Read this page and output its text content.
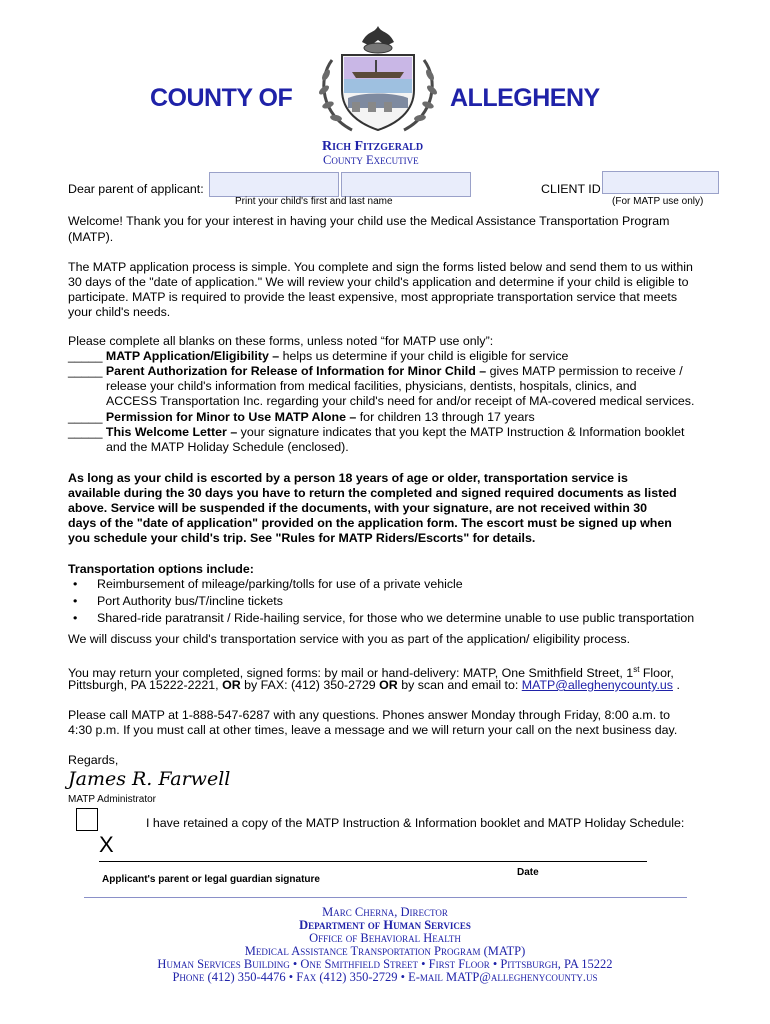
COUNTY OF	ALLEGHENY
Rich Fitzgerald
County Executive
Dear parent of applicant:
Print your child's first and last name
CLIENT ID
(For MATP use only)
Welcome! Thank you for your interest in having your child use the Medical Assistance Transportation Program
(MATP).
The MATP application process is simple. You complete and sign the forms listed below and send them to us within
30 days of the "date of application." We will review your child's application and determine if your child is eligible to
participate. MATP is required to provide the least expensive, most appropriate transportation service that meets
your child's needs.
Please complete all blanks on these forms, unless noted “for MATP use only”:
_____ MATP Application/Eligibility – helps us determine if your child is eligible for service
_____ Parent Authorization for Release of Information for Minor Child – gives MATP permission to receive /
release your child's information from medical facilities, physicians, dentists, hospitals, clinics, and
ACCESS Transportation Inc. regarding your child's need for and/or receipt of MA-covered medical services.
_____ Permission for Minor to Use MATP Alone – for children 13 through 17 years
_____ This Welcome Letter – your signature indicates that you kept the MATP Instruction & Information booklet
and the MATP Holiday Schedule (enclosed).
As long as your child is escorted by a person 18 years of age or older, transportation service is
available during the 30 days you have to return the completed and signed required documents as listed
above. Service will be suspended if the documents, with your signature, are not received within 30
days of the "date of application" provided on the application form. The escort must be signed up when
you schedule your child's trip. See "Rules for MATP Riders/Escorts" for details.
Transportation options include:
• Reimbursement of mileage/parking/tolls for use of a private vehicle
• Port Authority bus/T/incline tickets
• Shared-ride paratransit / Ride-hailing service, for those who we determine unable to use public transportation
We will discuss your child's transportation service with you as part of the application/ eligibility process.
You may return your completed, signed forms: by mail or hand-delivery: MATP, One Smithfield Street, 1st Floor,
Pittsburgh, PA 15222-2221, OR by FAX: (412) 350-2729 OR by scan and email to: MATP@alleghenycounty.us .
Please call MATP at 1-888-547-6287 with any questions. Phones answer Monday through Friday, 8:00 a.m. to
4:30 p.m. If you must call at other times, leave a message and we will return your call on the next business day.
Regards,
James R. Farwell
MATP Administrator
I have retained a copy of the MATP Instruction & Information booklet and MATP Holiday Schedule:
X
Date
Applicant's parent or legal guardian signature
Marc Cherna, Director
Department of Human Services
Office of Behavioral Health
Medical Assistance Transportation Program (MATP)
Human Services Building • One Smithfield Street • First Floor • Pittsburgh, PA 15222
Phone (412) 350-4476 • Fax (412) 350-2729 • E-mail MATP@alleghenycounty.us
